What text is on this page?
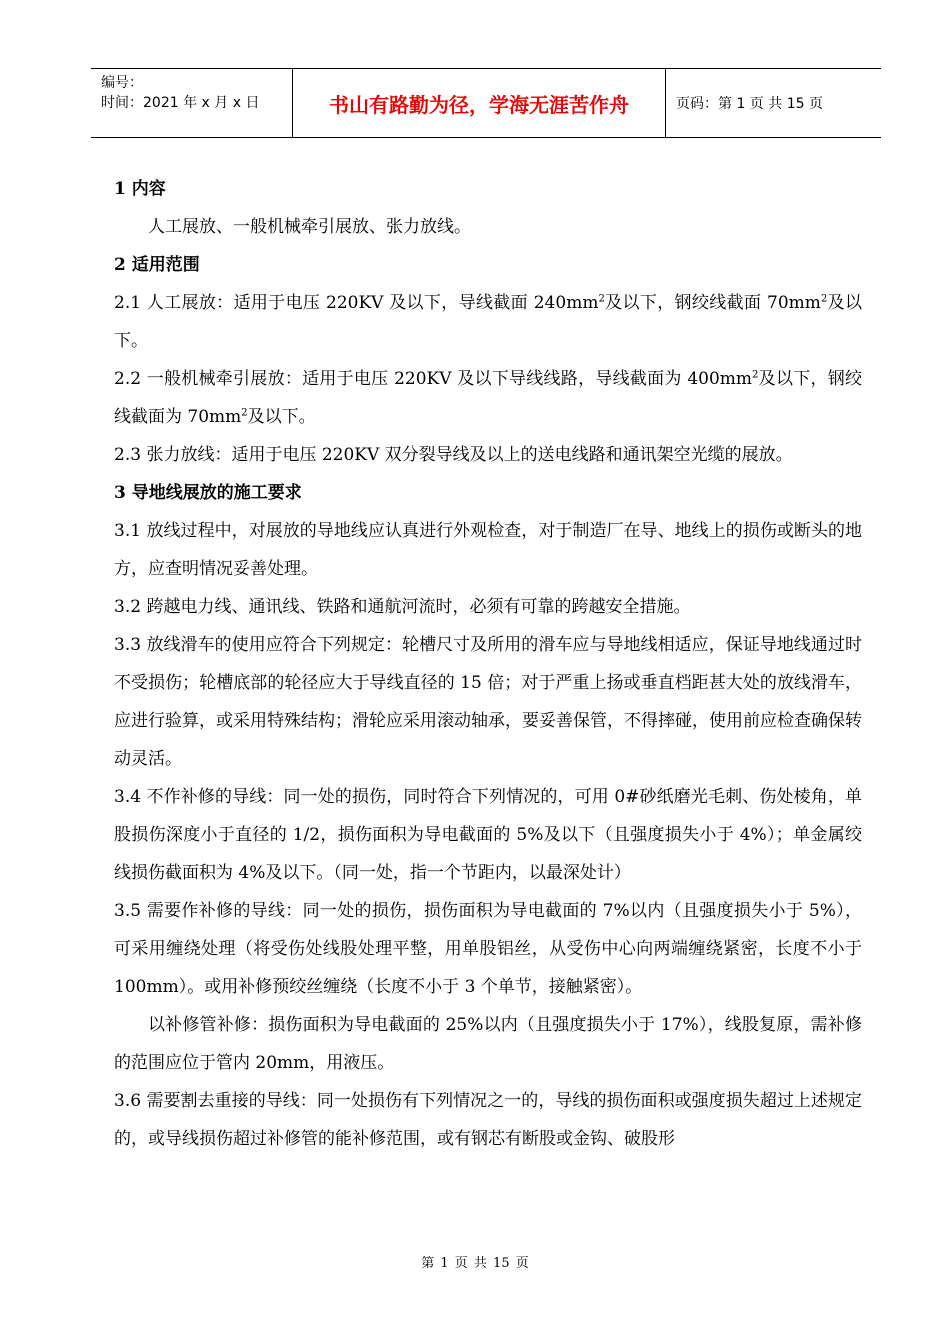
编号：
时间：2021 年 x 月 x 日	书山有路勤为径，学海无涯苦作舟	页码：第 1 页 共 15 页
1 内容

人工展放、一般机械牵引展放、张力放线。

2 适用范围

2.1 人工展放：适用于电压 220KV 及以下，导线截面 $240mm^2$及以下，钢绞线截面 $70mm^2$及以下。

2.2 一般机械牵引展放：适用于电压 220KV 及以下导线线路，导线截面为 $400mm^2$及以下，钢绞线截面为 $70mm^2$及以下。

2.3 张力放线：适用于电压 220KV 双分裂导线及以上的送电线路和通讯架空光缆的展放。

3 导地线展放的施工要求

3.1 放线过程中，对展放的导地线应认真进行外观检查，对于制造厂在导、地线上的损伤或断头的地方，应查明情况妥善处理。

3.2 跨越电力线、通讯线、铁路和通航河流时，必须有可靠的跨越安全措施。

3.3 放线滑车的使用应符合下列规定：轮槽尺寸及所用的滑车应与导地线相适应，保证导地线通过时不受损伤；轮槽底部的轮径应大于导线直径的 15 倍；对于严重上扬或垂直档距甚大处的放线滑车，应进行验算，或采用特殊结构；滑轮应采用滚动轴承，要妥善保管，不得摔碰，使用前应检查确保转动灵活。

3.4 不作补修的导线：同一处的损伤，同时符合下列情况的，可用 0#砂纸磨光毛刺、伤处棱角，单股损伤深度小于直径的 1/2，损伤面积为导电截面的 5%及以下（且强度损失小于 4%）；单金属绞线损伤截面积为 4%及以下。（同一处，指一个节距内，以最深处计）

3.5 需要作补修的导线：同一处的损伤，损伤面积为导电截面的 7%以内（且强度损失小于 5%），可采用缠绕处理（将受伤处线股处理平整，用单股铝丝，从受伤中心向两端缠绕紧密，长度不小于 100mm）。或用补修预绞丝缠绕（长度不小于 3 个单节，接触紧密）。

以补修管补修：损伤面积为导电截面的 25%以内（且强度损失小于 17%），线股复原，需补修的范围应位于管内 20mm，用液压。

3.6 需要割去重接的导线：同一处损伤有下列情况之一的，导线的损伤面积或强度损失超过上述规定的，或导线损伤超过补修管的能补修范围，或有钢芯有断股或金钩、破股形

第 1 页 共 15 页
